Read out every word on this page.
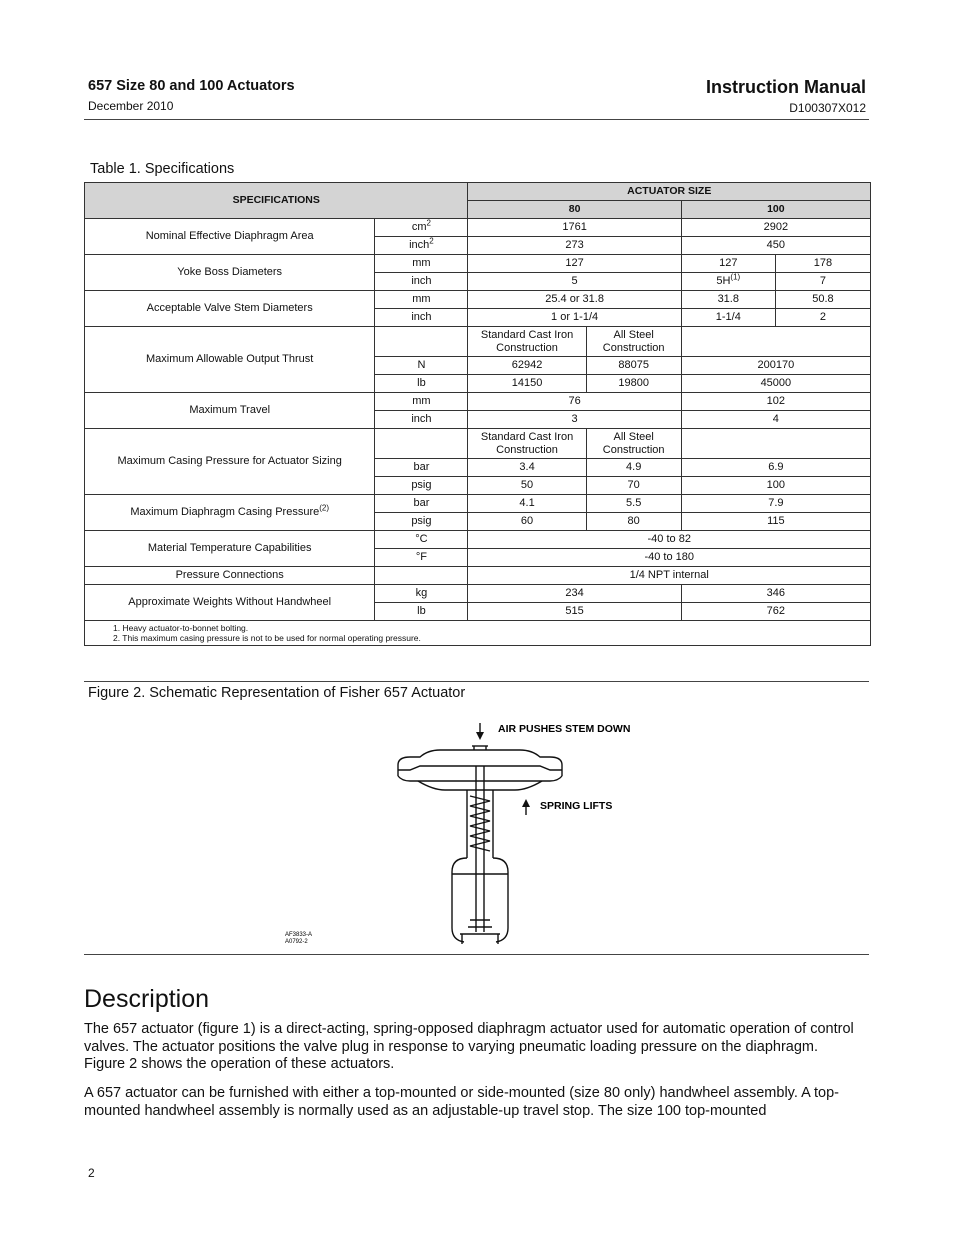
657 Size 80 and 100 Actuators
December 2010
Instruction Manual
D100307X012
Table 1. Specifications
SPECIFICATIONS		ACTUATOR SIZE			
		80		100	
Nominal Effective Diaphragm Area	$cm^2$	1761		2902	
	inch$^2$	273		450	
Yoke Boss Diameters	mm	127		127	178
	inch	5		$5H^{(1)}$	7
Acceptable Valve Stem Diameters	mm	25.4 or 31.8		31.8	50.8
	inch	1 or 1-1/4		1-1/4	2
Maximum Allowable Output Thrust		Standard Cast Iron Construction	All Steel Construction		
	N	62942	88075	200170	
	lb	14150	19800	45000	
Maximum Travel	mm	76		102	
	inch	3		4	
Maximum Casing Pressure for Actuator Sizing		Standard Cast Iron Construction	All Steel Construction		
	bar	3.4	4.9	6.9	
	psig	50	70	100	
Maximum Diaphragm Casing Pressure$^{(2)}$	bar	4.1	5.5	7.9	
	psig	60	80	115	
Material Temperature Capabilities	°C	-40 to 82			
	°F	-40 to 180			
Pressure Connections		1/4 NPT internal			
Approximate Weights Without Handwheel	kg	234		346	
	lb	515		762	

1. Heavy actuator-to-bonnet bolting.
2. This maximum casing pressure is not to be used for normal operating pressure.					
Figure 2. Schematic Representation of Fisher 657 Actuator
AIR PUSHES STEM DOWN
SPRING LIFTS
AF3833-A
A0792-2
Description
The 657 actuator (figure 1) is a direct-acting, spring-opposed diaphragm actuator used for automatic operation of control valves. The actuator positions the valve plug in response to varying pneumatic loading pressure on the diaphragm. Figure 2 shows the operation of these actuators.
A 657 actuator can be furnished with either a top-mounted or side-mounted (size 80 only) handwheel assembly. A top-mounted handwheel assembly is normally used as an adjustable-up travel stop. The size 100 top-mounted
2
